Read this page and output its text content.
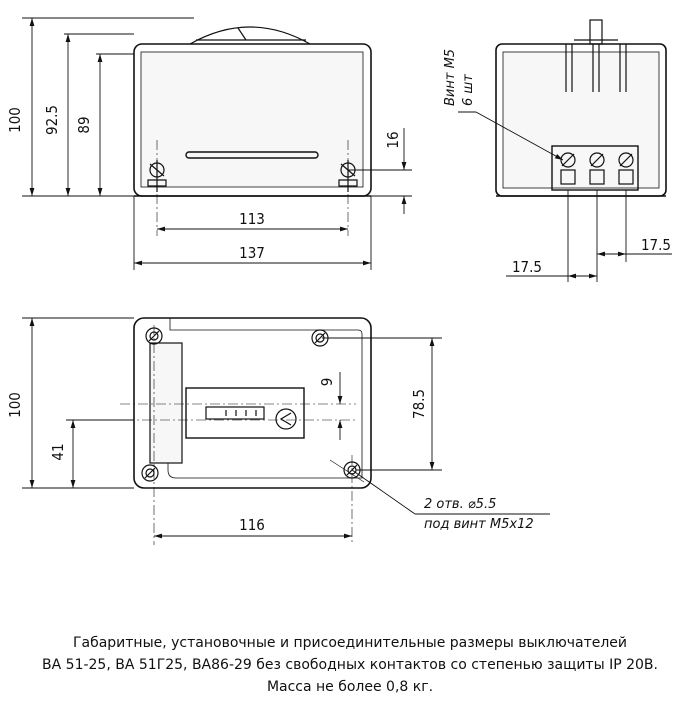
100 92.5 89
16
113
137
Винт М5 6 шт
17.5
17.5
100
41
9
78.5
116
2 отв. ⌀5.5
под винт М5х12
Габаритные, установочные и присоединительные размеры выключателей
ВА 51-25, ВА 51Г25, ВА86-29 без свободных контактов со степенью защиты IP 20В.
Масса не более 0,8 кг.
